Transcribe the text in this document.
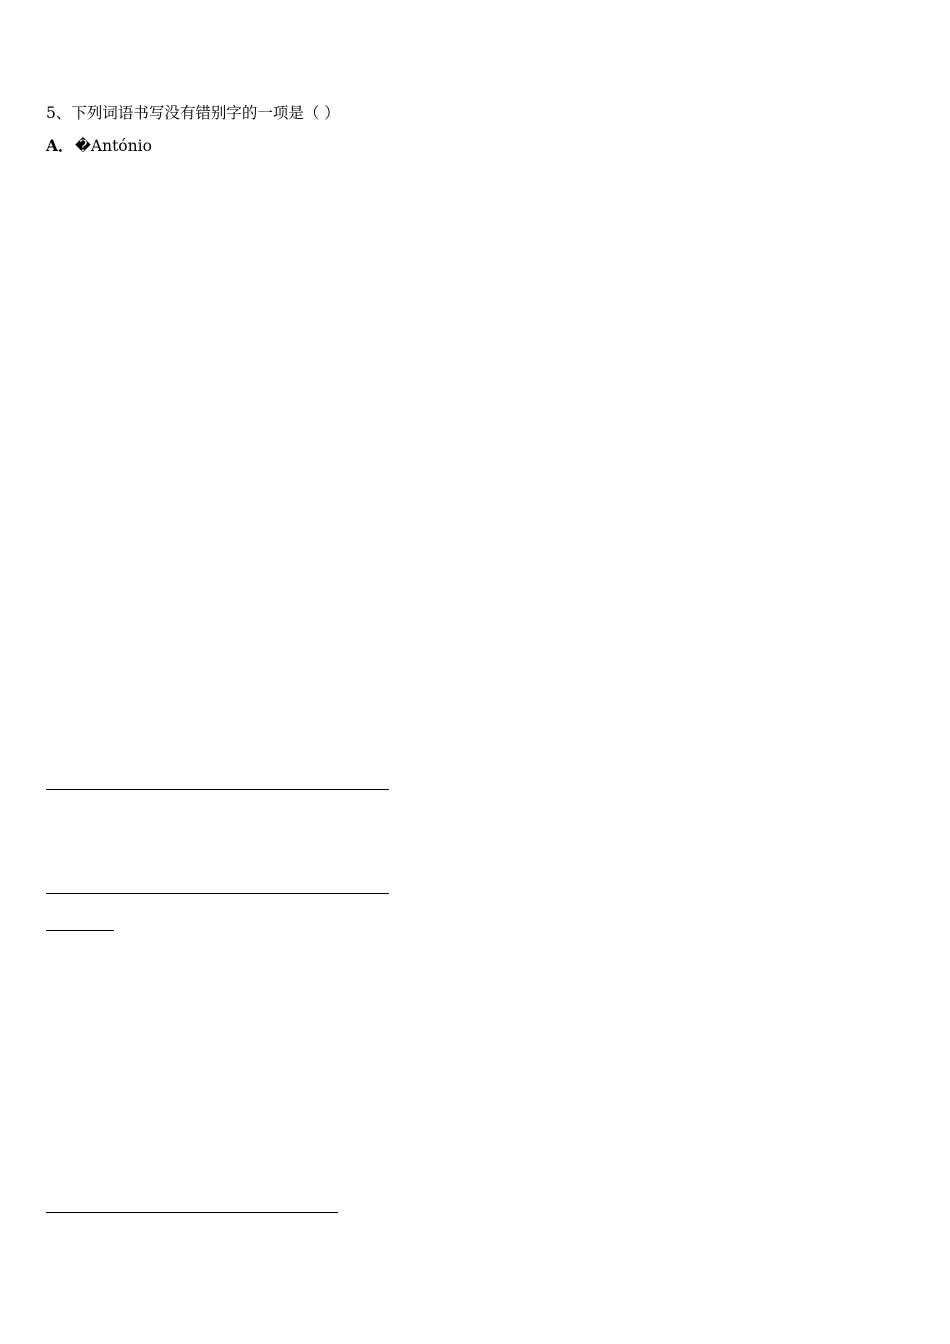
5、下列词语书写没有错别字的一项是（ ）
A． �António
